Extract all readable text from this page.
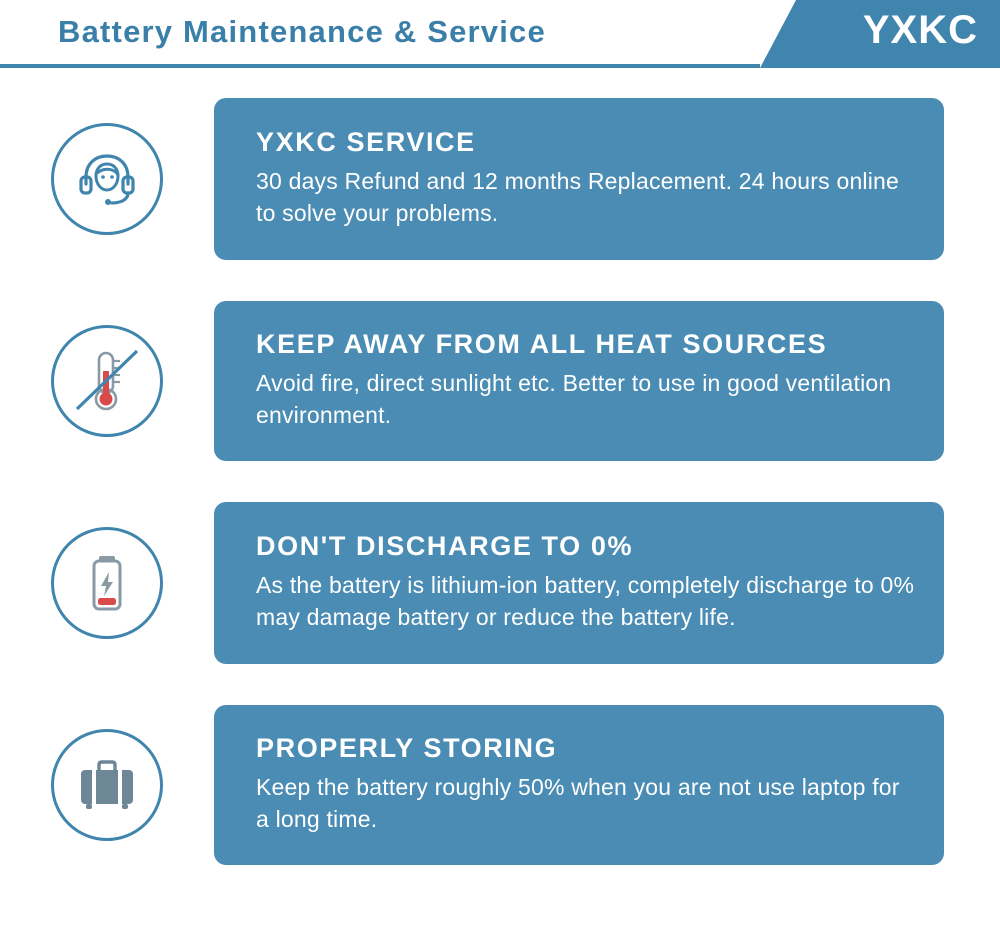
Battery Maintenance & Service	YXKC
YXKC SERVICE
30 days Refund and 12 months Replacement. 24 hours online to solve your problems.
KEEP AWAY FROM ALL HEAT SOURCES
Avoid fire, direct sunlight etc. Better to use in good ventilation environment.
DON'T DISCHARGE TO 0%
As the battery is lithium-ion battery, completely discharge to 0% may damage battery or reduce the battery life.
PROPERLY STORING
Keep the battery roughly 50% when you are not use laptop for a long time.
